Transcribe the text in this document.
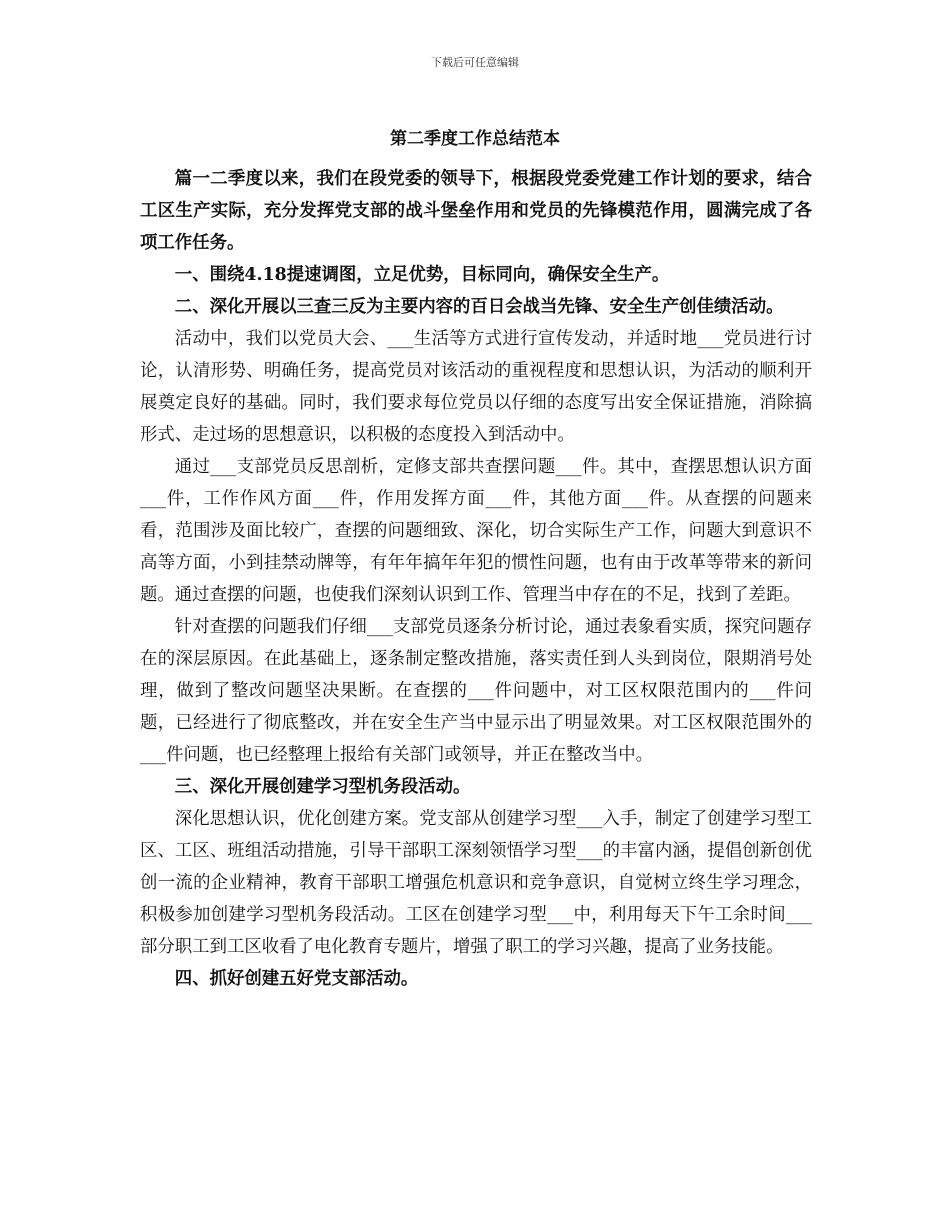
下载后可任意编辑
第二季度工作总结范本

篇一二季度以来，我们在段党委的领导下，根据段党委党建工作计划的要求，结合工区生产实际，充分发挥党支部的战斗堡垒作用和党员的先锋模范作用，圆满完成了各项工作任务。

一、围绕4.18提速调图，立足优势，目标同向，确保安全生产。

二、深化开展以三查三反为主要内容的百日会战当先锋、安全生产创佳绩活动。

活动中，我们以党员大会、___生活等方式进行宣传发动，并适时地___党员进行讨论，认清形势、明确任务，提高党员对该活动的重视程度和思想认识，为活动的顺利开展奠定良好的基础。同时，我们要求每位党员以仔细的态度写出安全保证措施，消除搞形式、走过场的思想意识，以积极的态度投入到活动中。

通过___支部党员反思剖析，定修支部共查摆问题___件。其中，查摆思想认识方面___件，工作作风方面___件，作用发挥方面___件，其他方面___件。从查摆的问题来看，范围涉及面比较广，查摆的问题细致、深化，切合实际生产工作，问题大到意识不高等方面，小到挂禁动牌等，有年年搞年年犯的惯性问题，也有由于改革等带来的新问题。通过查摆的问题，也使我们深刻认识到工作、管理当中存在的不足，找到了差距。

针对查摆的问题我们仔细___支部党员逐条分析讨论，通过表象看实质，探究问题存在的深层原因。在此基础上，逐条制定整改措施，落实责任到人头到岗位，限期消号处理，做到了整改问题坚决果断。在查摆的___件问题中，对工区权限范围内的___件问题，已经进行了彻底整改，并在安全生产当中显示出了明显效果。对工区权限范围外的___件问题，也已经整理上报给有关部门或领导，并正在整改当中。

三、深化开展创建学习型机务段活动。

深化思想认识，优化创建方案。党支部从创建学习型___入手，制定了创建学习型工区、工区、班组活动措施，引导干部职工深刻领悟学习型___的丰富内涵，提倡创新创优创一流的企业精神，教育干部职工增强危机意识和竞争意识，自觉树立终生学习理念，积极参加创建学习型机务段活动。工区在创建学习型___中，利用每天下午工余时间___部分职工到工区收看了电化教育专题片，增强了职工的学习兴趣，提高了业务技能。

四、抓好创建五好党支部活动。
